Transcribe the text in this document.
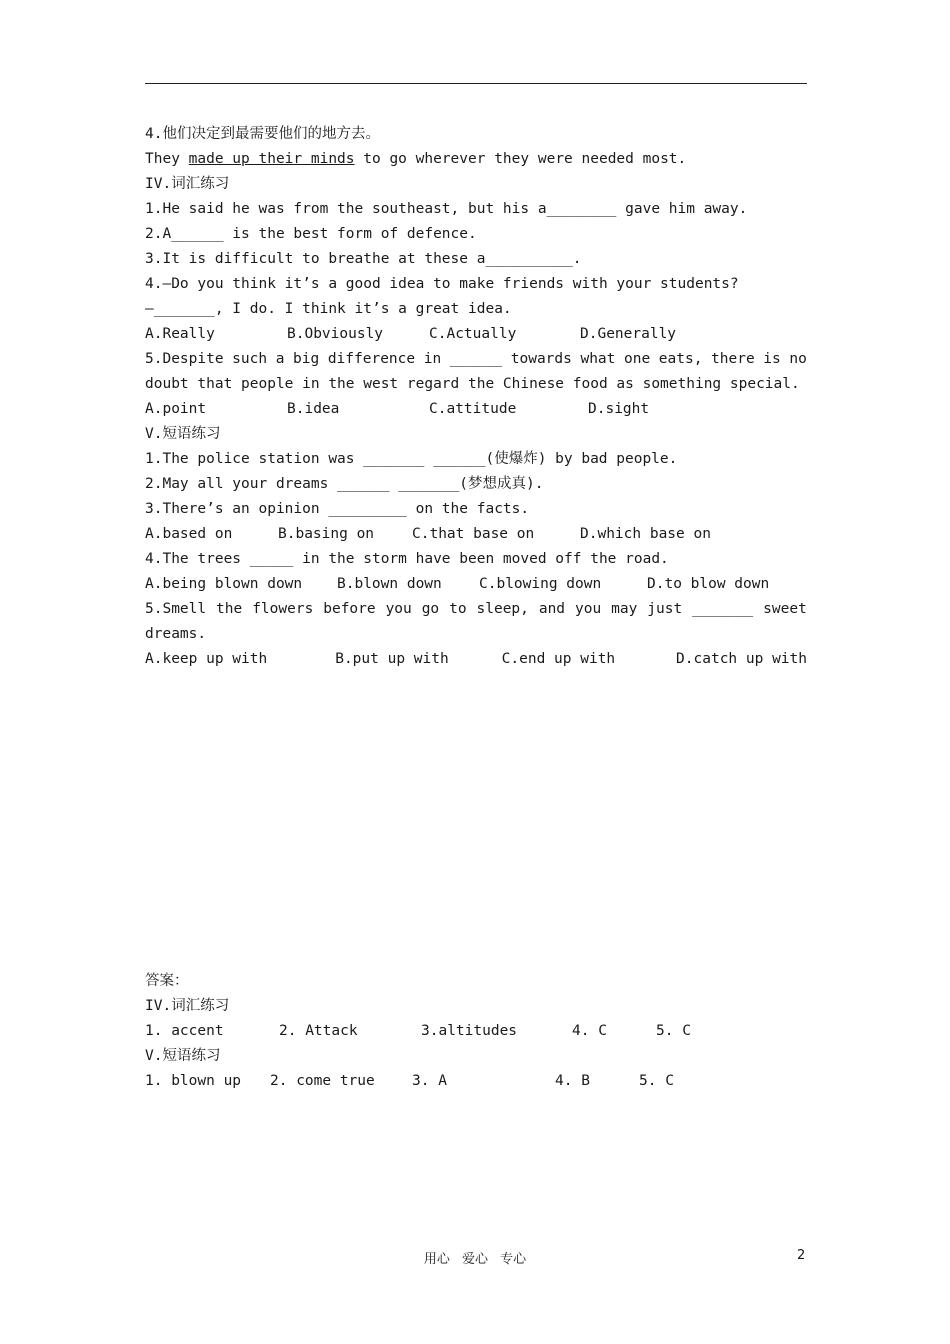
4.他们决定到最需要他们的地方去。
They made up their minds to go wherever they were needed most.
IV.词汇练习
1.He said he was from the southeast, but his a________ gave him away.
2.A______ is the best form of defence.
3.It is difficult to breathe at these a__________.
4.—Do you think it’s a good idea to make friends with your students?
—_______, I do. I think it’s a great idea.
A.Really	B.Obviously	C.Actually	D.Generally
5.Despite such a big difference in ______ towards what one eats, there is no
doubt that people in the west regard the Chinese food as something special.
A.point	B.idea	C.attitude	D.sight
V.短语练习
1.The police station was _______ ______(使爆炸) by bad people.
2.May all your dreams ______ _______(梦想成真).
3.There’s an opinion _________ on the facts.
A.based on	B.basing on	C.that base on	D.which base on
4.The trees _____ in the storm have been moved off the road.
A.being blown down	B.blown down	C.blowing down	D.to blow down
5.Smell the flowers before you go to sleep, and you may just _______ sweet
dreams.
A.keep up with	B.put up with	C.end up with	D.catch up with
答案：
IV.词汇练习
1. accent	2. Attack	3.altitudes	4. C	5. C
V.短语练习
1. blown up	2. come true	3. A	4. B	5. C
用心 爱心 专心	2
